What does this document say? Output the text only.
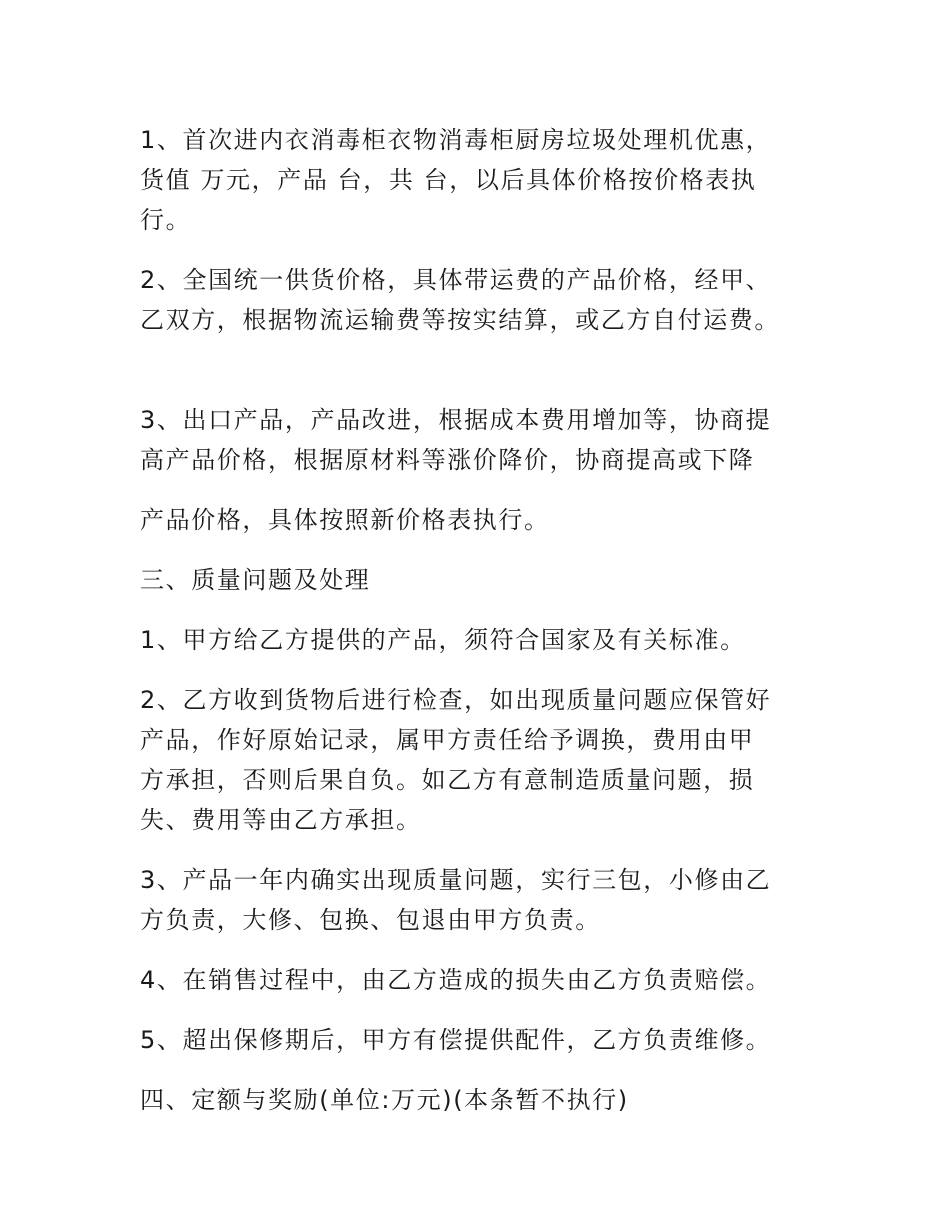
1、首次进内衣消毒柜衣物消毒柜厨房垃圾处理机优惠，
货值 万元，产品 台，共 台，以后具体价格按价格表执
行。

2、全国统一供货价格，具体带运费的产品价格，经甲、
乙双方，根据物流运输费等按实结算，或乙方自付运费。

3、出口产品，产品改进，根据成本费用增加等，协商提
高产品价格，根据原材料等涨价降价，协商提高或下降

产品价格，具体按照新价格表执行。

三、质量问题及处理

1、甲方给乙方提供的产品，须符合国家及有关标准。

2、乙方收到货物后进行检查，如出现质量问题应保管好
产品，作好原始记录，属甲方责任给予调换，费用由甲
方承担，否则后果自负。如乙方有意制造质量问题，损
失、费用等由乙方承担。

3、产品一年内确实出现质量问题，实行三包，小修由乙
方负责，大修、包换、包退由甲方负责。

4、在销售过程中，由乙方造成的损失由乙方负责赔偿。

5、超出保修期后，甲方有偿提供配件，乙方负责维修。

四、定额与奖励(单位:万元)(本条暂不执行)
